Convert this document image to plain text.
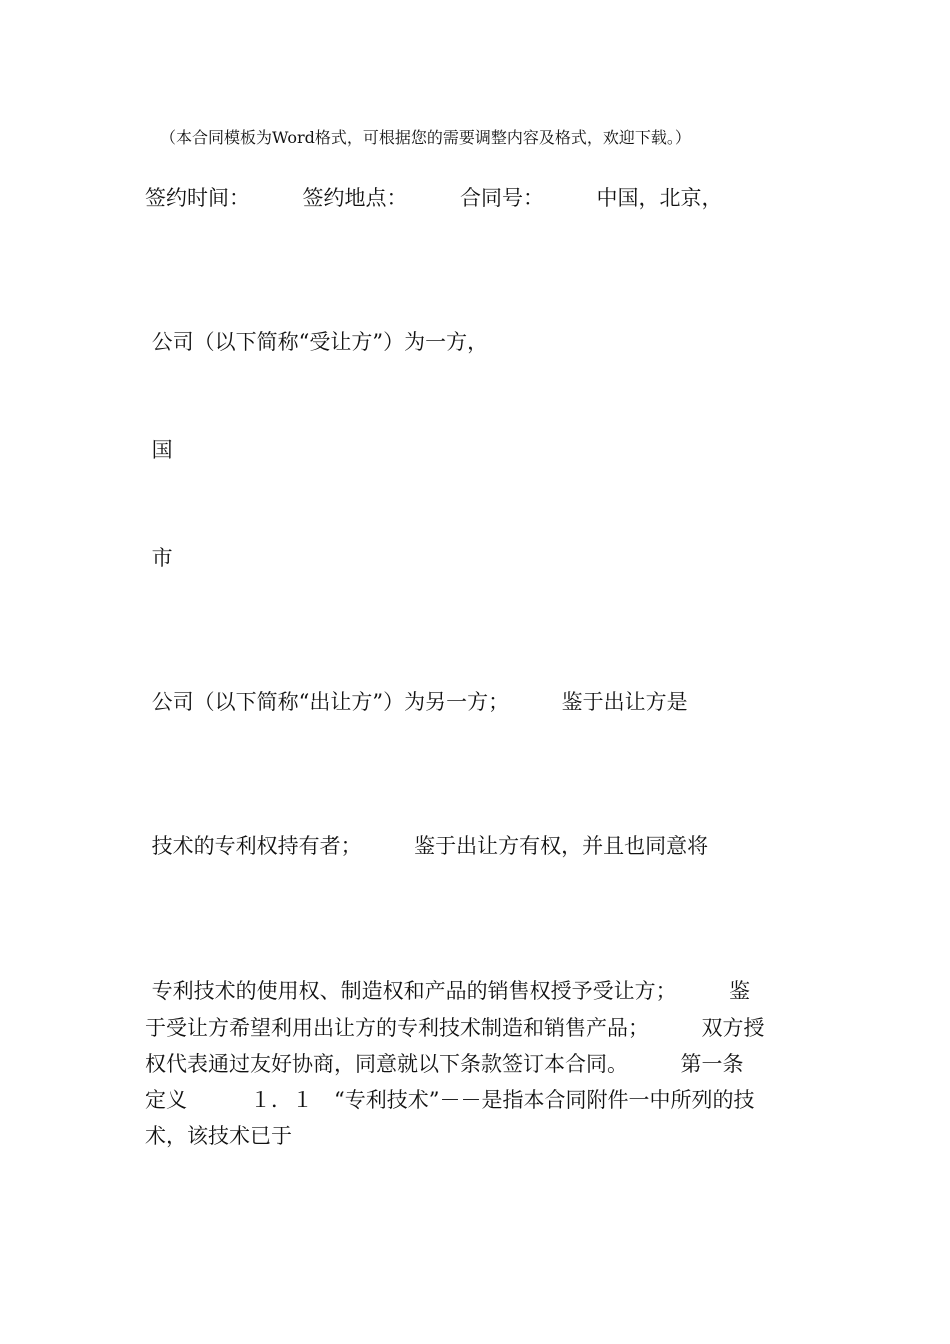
（本合同模板为Word格式，可根据您的需要调整内容及格式，欢迎下载。）
签约时间：　　　签约地点：　　　合同号：　　　中国，北京，
公司（以下简称“受让方”）为一方，
国
市
公司（以下简称“出让方”）为另一方；　　　鉴于出让方是
技术的专利权持有者；　　　鉴于出让方有权，并且也同意将
专利技术的使用权、制造权和产品的销售权授予受让方；　　　鉴
于受让方希望利用出让方的专利技术制造和销售产品；　　　双方授
权代表通过友好协商，同意就以下条款签订本合同。　　　第一条
定义　　　１．１　“专利技术”－－是指本合同附件一中所列的技
术，该技术已于
